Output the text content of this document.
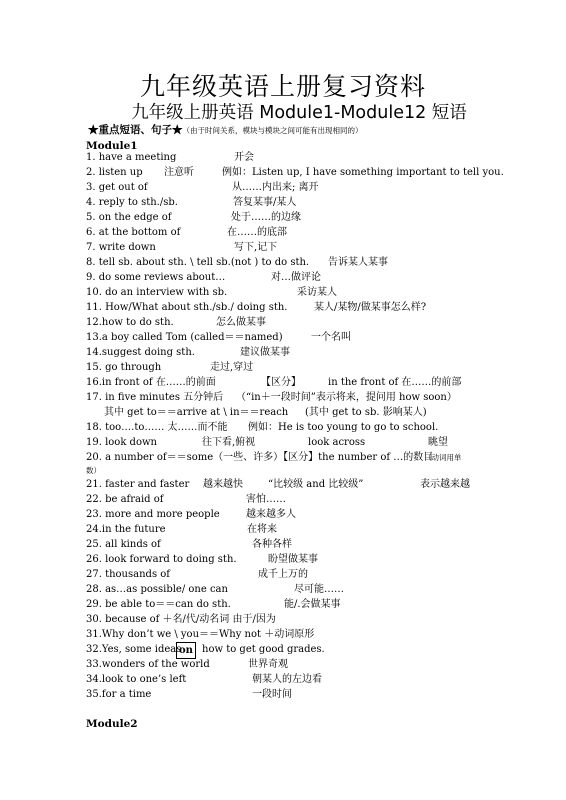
九年级英语上册复习资料
九年级上册英语 Module1-Module12 短语
★重点短语、句子★（由于时间关系，模块与模块之间可能有出现相同的）
Module1
1. have a meeting	开会
2. listen up 注意听	例如：Listen up, I have something important to tell you.
3. get out of	从……内出来; 离开
4. reply to sth./sb.	答复某事/某人
5. on the edge of	处于……的边缘
6. at the bottom of	在……的底部
7. write down	写下,记下
8. tell sb. about sth. \ tell sb.(not ) to do sth. 告诉某人某事
9. do some reviews about…	对…做评论
10. do an interview with sb.	采访某人
11. How/What about sth./sb./ doing sth.	某人/某物/做某事怎么样?
12.how to do sth.	怎么做某事
13.a boy called Tom (called＝＝named)	一个名叫
14.suggest doing sth.	建议做某事
15. go through	走过,穿过
16.in front of 在……的前面	【区分】	in the front of 在……的前部
17. in five minutes 五分钟后 （“in＋一段时间”表示将来，提问用 how soon）
其中 get to＝＝arrive at \ in＝＝reach (其中 get to sb. 影响某人)
18. too….to…… 太……而不能 例如：He is too young to go to school.
19. look down	往下看,俯视	look across	眺望
20. a number of＝＝some（一些、许多）【区分】the number of …的数目
（动词用单
数）
21. faster and faster 越来越快	“比较级 and 比较级”	表示越来越
22. be afraid of	害怕……
23. more and more people	越来越多人
24.in the future	在将来
25. all kinds of	各种各样
26. look forward to doing sth.	盼望做某事
27. thousands of	成千上万的
28. as…as possible/ one can	尽可能……
29. be able to＝＝can do sth.	能/.会做某事
30. because of ＋名/代/动名词 由于/因为
31.Why don’t we \ you＝＝Why not ＋动词原形
32.Yes, some ideas
on how to get good grades.
33.wonders of the world	世界奇观
34.look to one’s left	朝某人的左边看
35.for a time	一段时间
Module2
